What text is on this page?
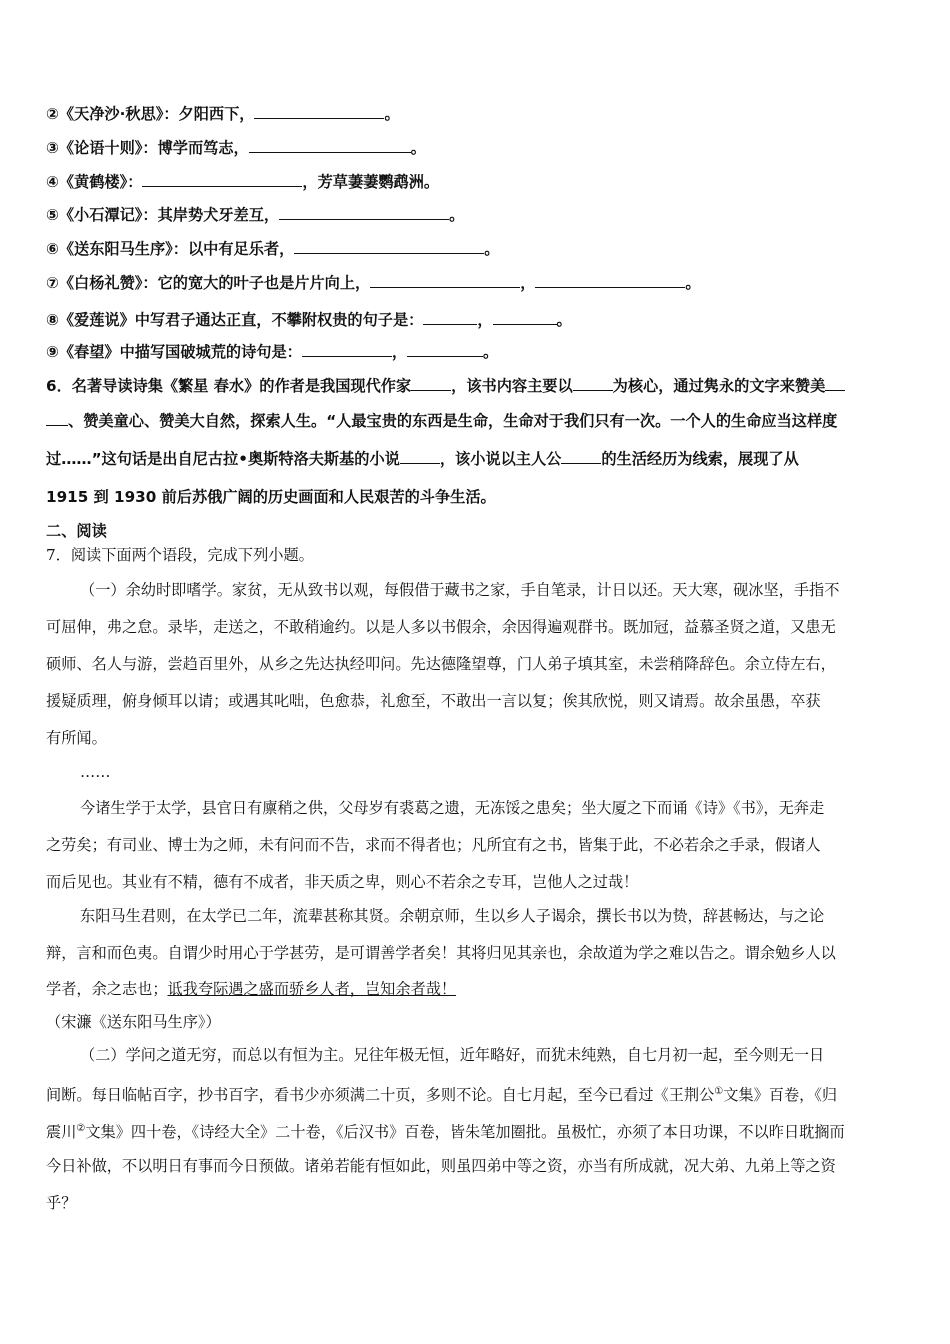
②《天净沙·秋思》：夕阳西下，	。
③《论语十则》：博学而笃志，	。
④《黄鹤楼》：	，芳草萋萋鹦鹉洲。
⑤《小石潭记》：其岸势犬牙差互，	。
⑥《送东阳马生序》：以中有足乐者，	。
⑦《白杨礼赞》：它的宽大的叶子也是片片向上，	，	。
⑧《爱莲说》中写君子通达正直，不攀附权贵的句子是：	，	。
⑨《春望》中描写国破城荒的诗句是：	，	。
6．名著导读诗集《繁星 春水》的作者是我国现代作家	，该书内容主要以	为核心，通过隽永的文字来赞美
、赞美童心、赞美大自然，探索人生。“人最宝贵的东西是生命，生命对于我们只有一次。一个人的生命应当这样度
过……”这句话是出自尼古拉•奥斯特洛夫斯基的小说	，该小说以主人公	的生活经历为线索，展现了从
1915 到 1930 前后苏俄广阔的历史画面和人民艰苦的斗争生活。
二、阅读
7．阅读下面两个语段，完成下列小题。
（一）余幼时即嗜学。家贫，无从致书以观，每假借于藏书之家，手自笔录，计日以还。天大寒，砚冰坚，手指不
可屈伸，弗之怠。录毕，走送之，不敢稍逾约。以是人多以书假余，余因得遍观群书。既加冠，益慕圣贤之道，又患无
硕师、名人与游，尝趋百里外，从乡之先达执经叩问。先达德隆望尊，门人弟子填其室，未尝稍降辞色。余立侍左右，
援疑质理，俯身倾耳以请；或遇其叱咄，色愈恭，礼愈至，不敢出一言以复；俟其欣悦，则又请焉。故余虽愚，卒获
有所闻。
……
今诸生学于太学，县官日有廪稍之供，父母岁有裘葛之遗，无冻馁之患矣；坐大厦之下而诵《诗》《书》，无奔走
之劳矣；有司业、博士为之师，未有问而不告，求而不得者也；凡所宜有之书，皆集于此，不必若余之手录，假诸人
而后见也。其业有不精，德有不成者，非天质之卑，则心不若余之专耳，岂他人之过哉！
东阳马生君则，在太学已二年，流辈甚称其贤。余朝京师，生以乡人子谒余，撰长书以为贽，辞甚畅达，与之论
辩，言和而色夷。自谓少时用心于学甚劳，是可谓善学者矣！其将归见其亲也，余故道为学之难以告之。谓余勉乡人以
学者，余之志也；诋我夸际遇之盛而骄乡人者，岂知余者哉！
（宋濂《送东阳马生序》）
（二）学问之道无穷，而总以有恒为主。兄往年极无恒，近年略好，而犹未纯熟，自七月初一起，至今则无一日
间断。每日临帖百字，抄书百字，看书少亦须满二十页，多则不论。自七月起，至今已看过《王荆公①文集》百卷，《归
震川②文集》四十卷，《诗经大全》二十卷，《后汉书》百卷，皆朱笔加圈批。虽极忙，亦须了本日功课，不以昨日耽搁而
今日补做，不以明日有事而今日预做。诸弟若能有恒如此，则虽四弟中等之资，亦当有所成就，况大弟、九弟上等之资
乎？
